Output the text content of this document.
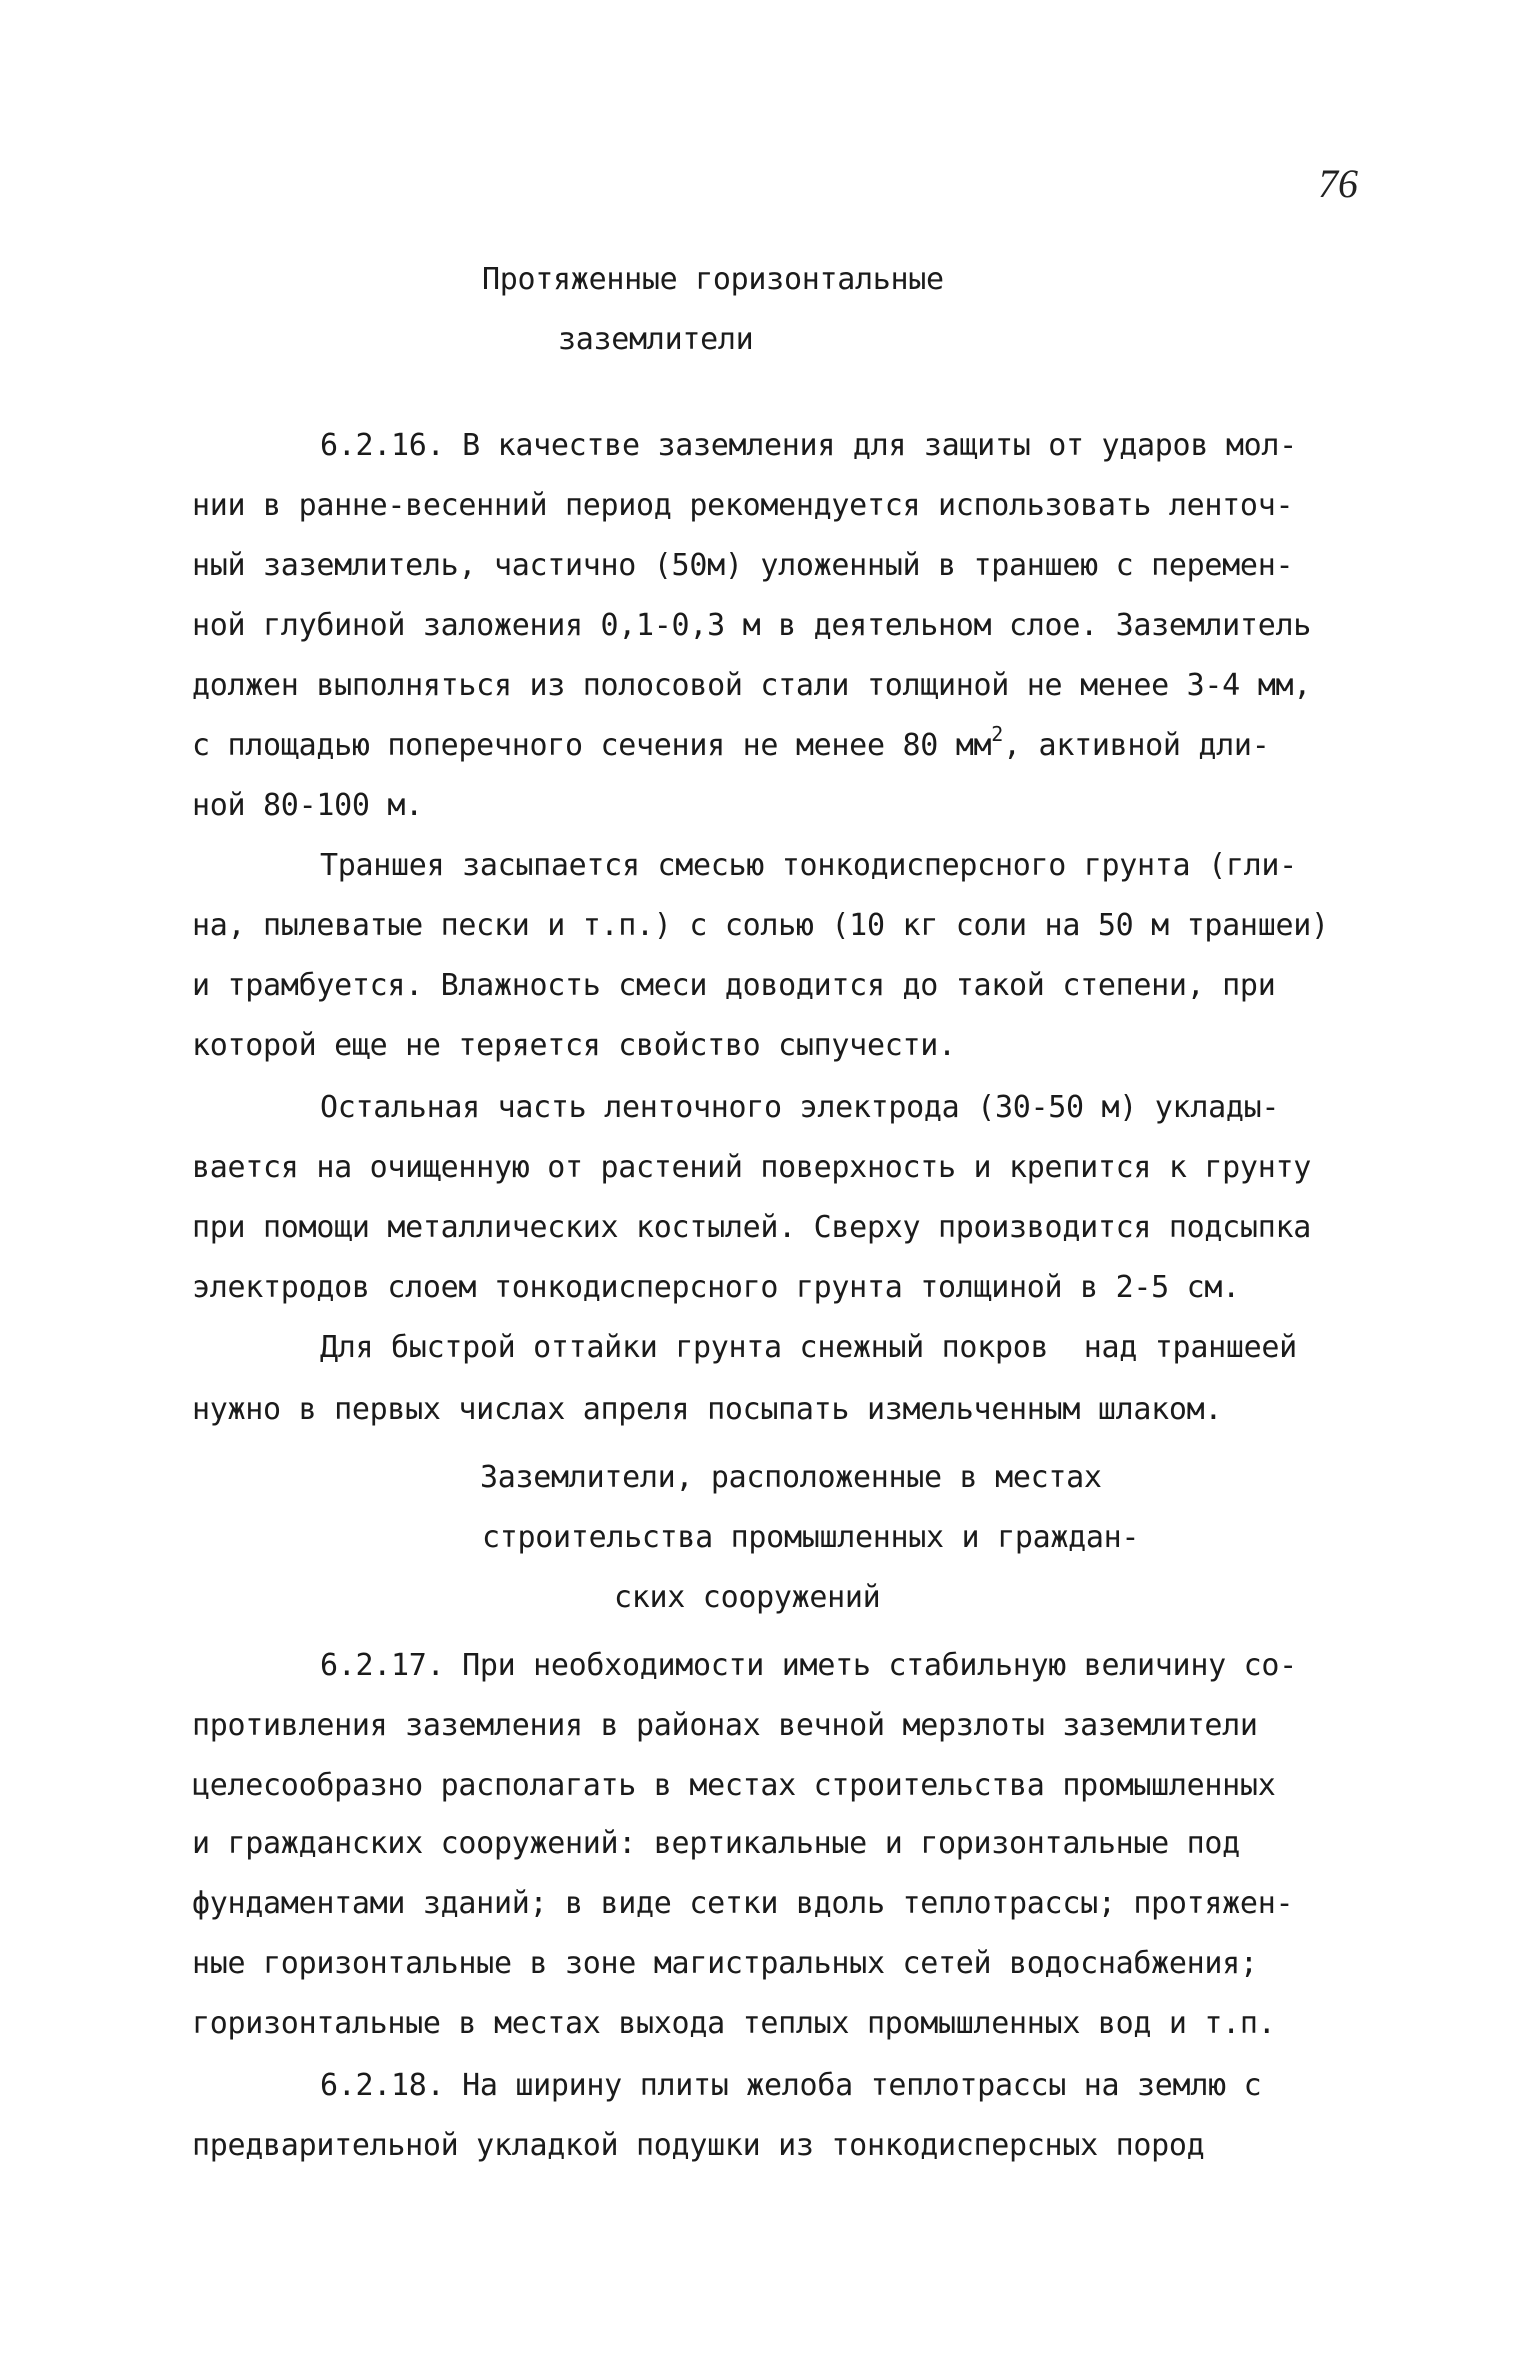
76
Протяженные горизонтальные
заземлители
6.2.16. В качестве заземления для защиты от ударов мол-
нии в ранне-весенний период рекомендуется использовать ленточ-
ный заземлитель, частично (50м) уложенный в траншею с перемен-
ной глубиной заложения 0,1-0,3 м в деятельном слое. Заземлитель
должен выполняться из полосовой стали толщиной не менее 3-4 мм,
с площадью поперечного сечения не менее 80 $мм^2$, активной дли-
ной 80-100 м.
Траншея засыпается смесью тонкодисперсного грунта (гли-
на, пылеватые пески и т.п.) с солью (10 кг соли на 50 м траншеи)
и трамбуется. Влажность смеси доводится до такой степени, при
которой еще не теряется свойство сыпучести.
Остальная часть ленточного электрода (30-50 м) уклады-
вается на очищенную от растений поверхность и крепится к грунту
при помощи металлических костылей. Сверху производится подсыпка
электродов слоем тонкодисперсного грунта толщиной в 2-5 см.
Для быстрой оттайки грунта снежный покров  над траншеей
нужно в первых числах апреля посыпать измельченным шлаком.
Заземлители, расположенные в местах
строительства промышленных и граждан-
ских сооружений
6.2.17. При необходимости иметь стабильную величину со-
противления заземления в районах вечной мерзлоты заземлители
целесообразно располагать в местах строительства промышленных
и гражданских сооружений: вертикальные и горизонтальные под
фундаментами зданий; в виде сетки вдоль теплотрассы; протяжен-
ные горизонтальные в зоне магистральных сетей водоснабжения;
горизонтальные в местах выхода теплых промышленных вод и т.п.
6.2.18. На ширину плиты желоба теплотрассы на землю с
предварительной укладкой подушки из тонкодисперсных пород
